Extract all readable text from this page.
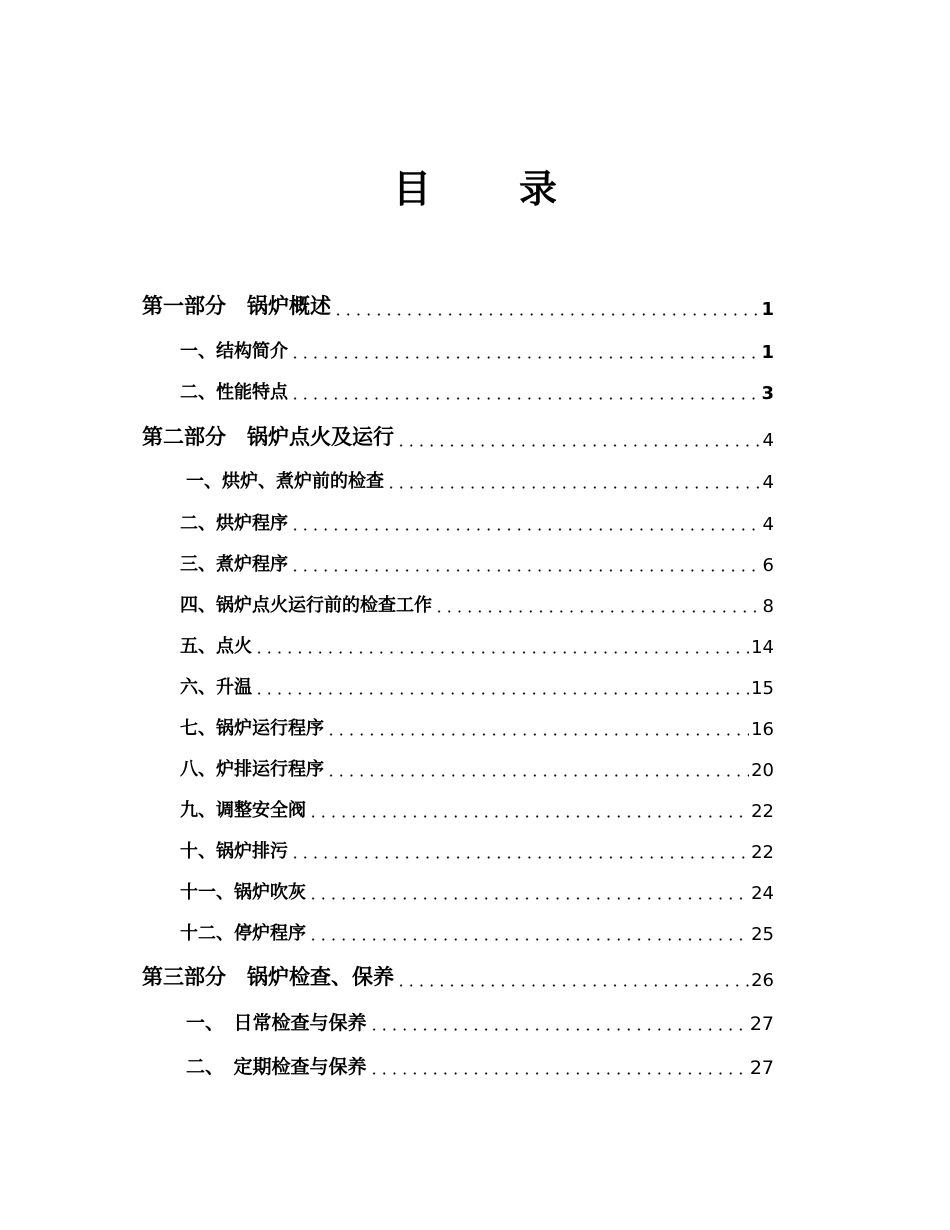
目 录
第一部分　锅炉概述	1
一、结构简介	1
二、性能特点	3
第二部分　锅炉点火及运行	4
一、烘炉、煮炉前的检查	4
二、烘炉程序	4
三、煮炉程序	6
四、锅炉点火运行前的检查工作	8
五、点火	14
六、升温	15
七、锅炉运行程序	16
八、炉排运行程序	20
九、调整安全阀	22
十、锅炉排污	22
十一、锅炉吹灰	24
十二、停炉程序	25
第三部分　锅炉检查、保养	26
一、　日常检查与保养	27
二、　定期检查与保养	27
